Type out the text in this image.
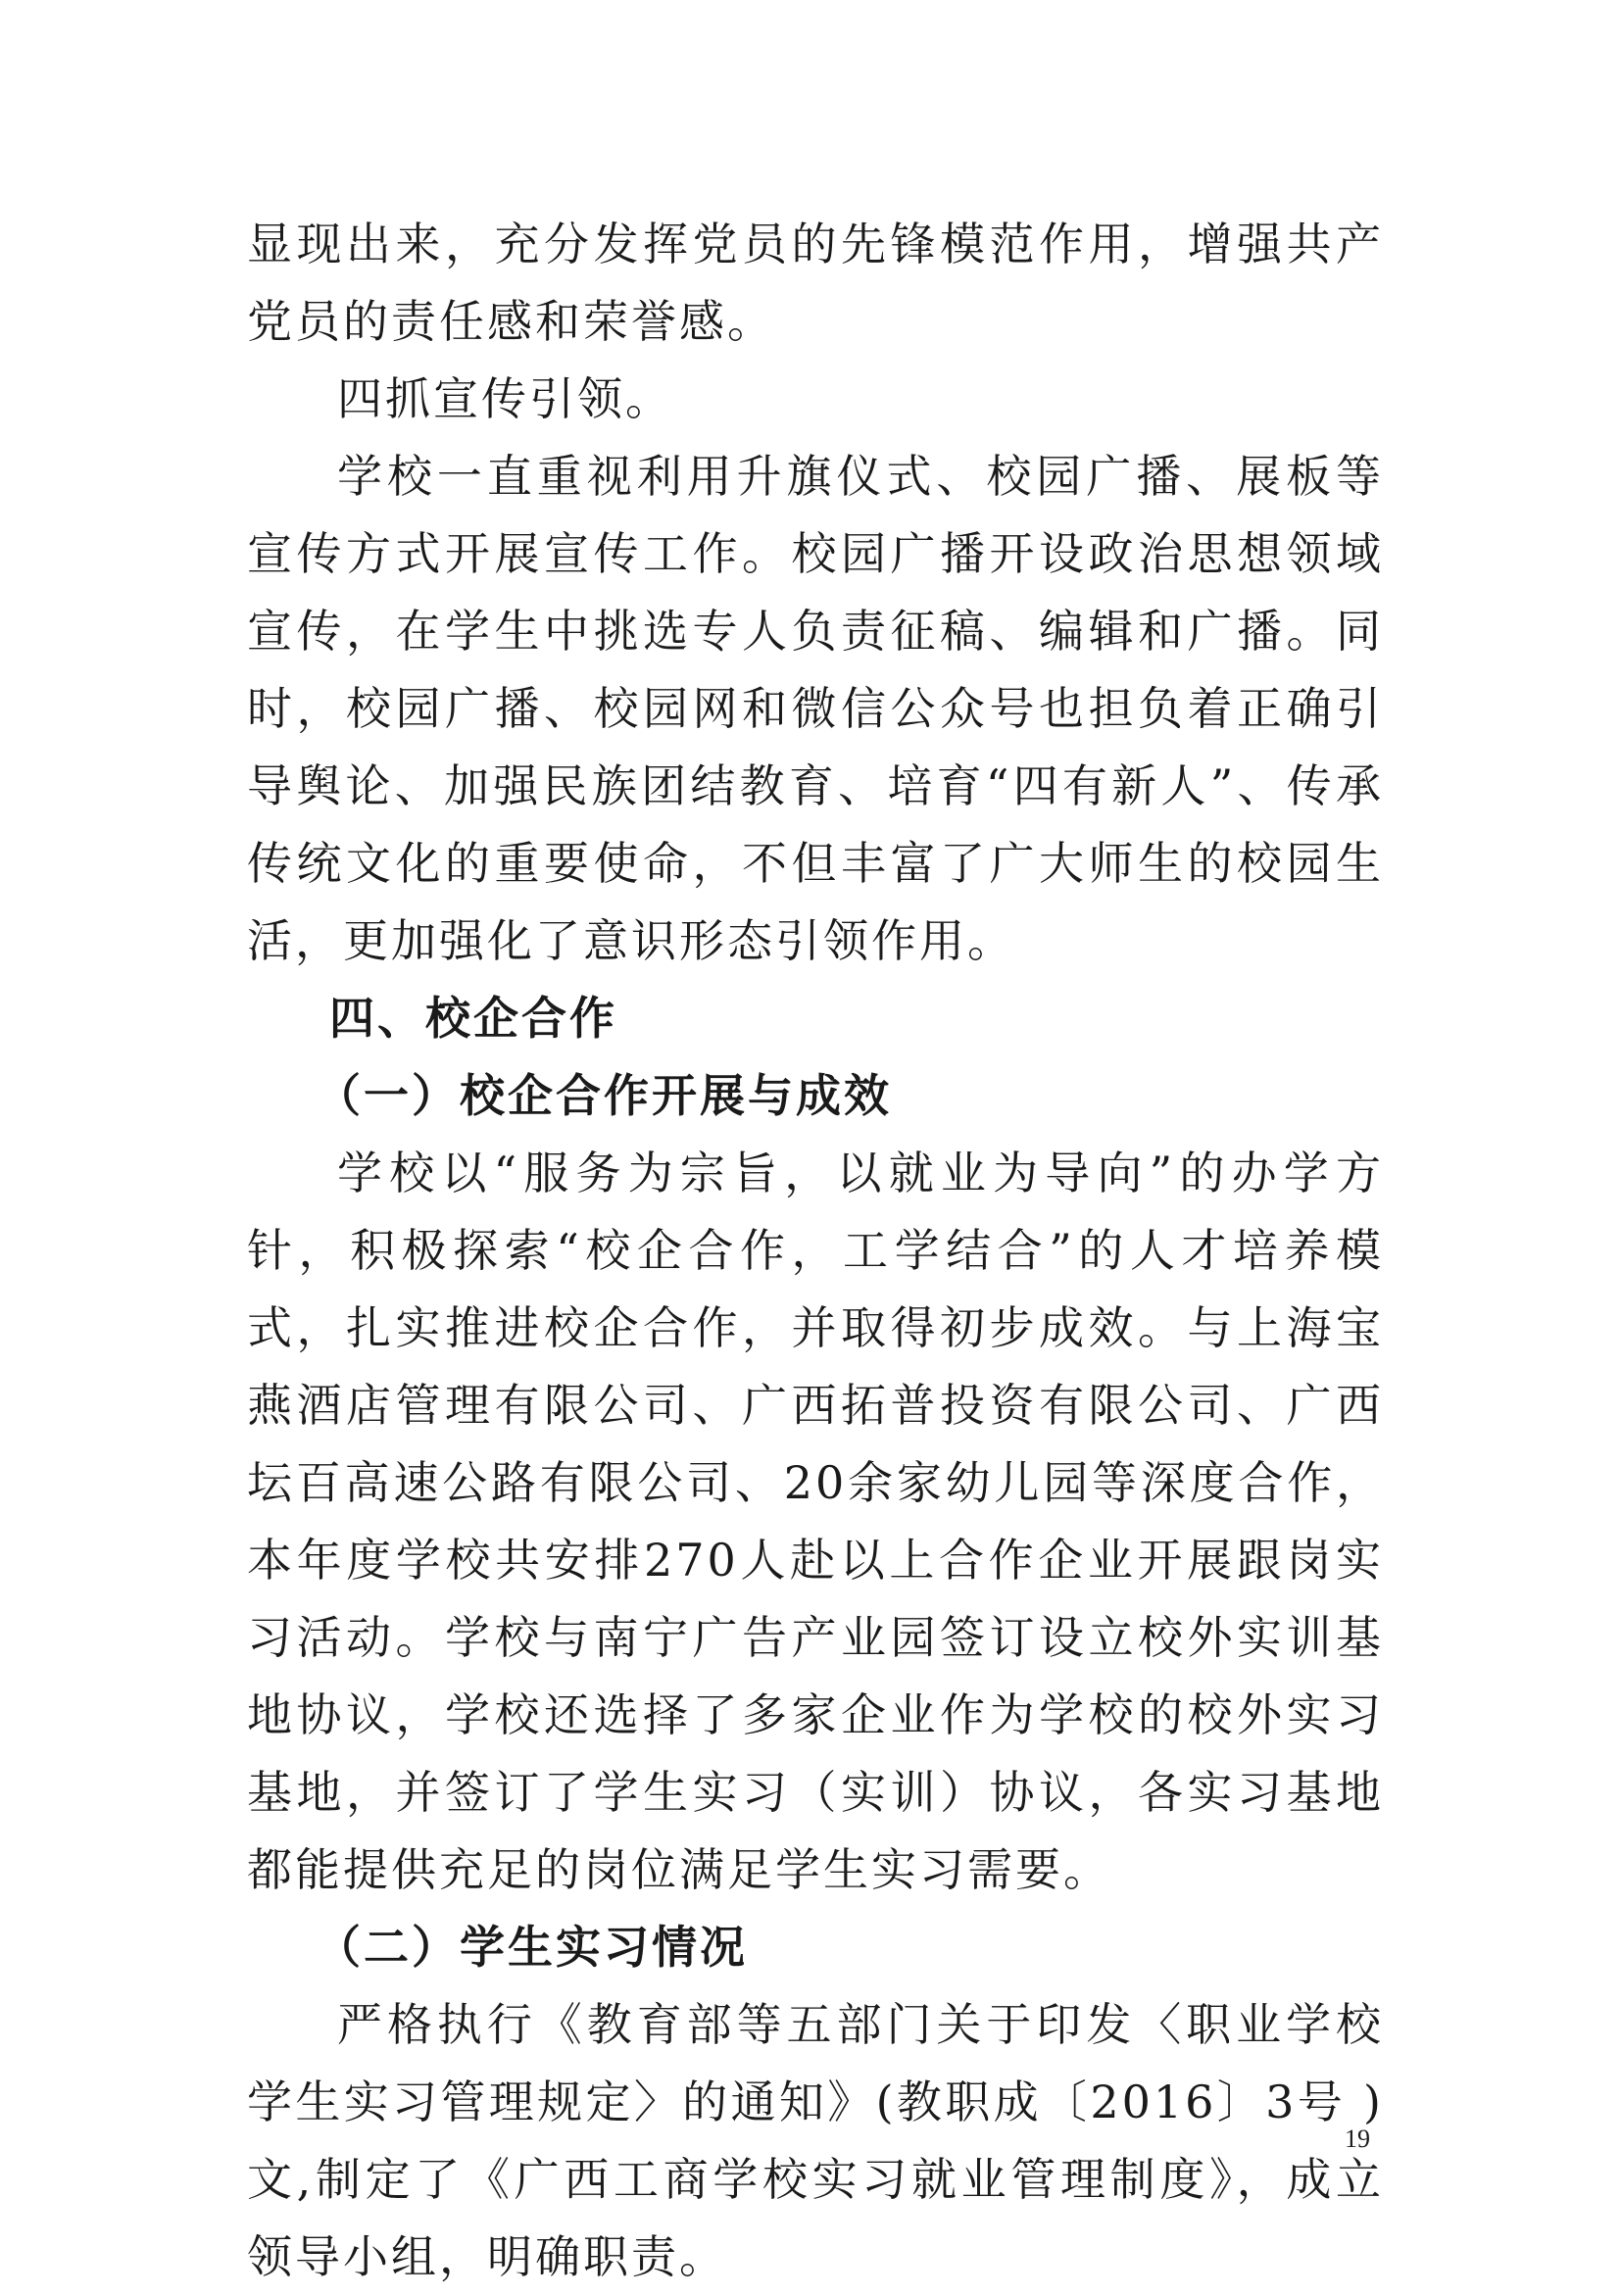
显现出来，充分发挥党员的先锋模范作用，增强共产党员的责任感和荣誉感。

四抓宣传引领。

学校一直重视利用升旗仪式、校园广播、展板等宣传方式开展宣传工作。校园广播开设政治思想领域宣传，在学生中挑选专人负责征稿、编辑和广播。同时，校园广播、校园网和微信公众号也担负着正确引导舆论、加强民族团结教育、培育“四有新人”、传承传统文化的重要使命，不但丰富了广大师生的校园生活，更加强化了意识形态引领作用。

四、校企合作
（一）校企合作开展与成效

学校以“服务为宗旨，以就业为导向”的办学方针，积极探索“校企合作，工学结合”的人才培养模式，扎实推进校企合作，并取得初步成效。与上海宝燕酒店管理有限公司、广西拓普投资有限公司、广西坛百高速公路有限公司、20余家幼儿园等深度合作，本年度学校共安排270人赴以上合作企业开展跟岗实习活动。学校与南宁广告产业园签订设立校外实训基地协议，学校还选择了多家企业作为学校的校外实习基地，并签订了学生实习（实训）协议，各实习基地都能提供充足的岗位满足学生实习需要。

（二）学生实习情况

严格执行《教育部等五部门关于印发〈职业学校学生实习管理规定〉的通知》(教职成〔2016〕3号 )文,制定了《广西工商学校实习就业管理制度》，成立领导小组，明确职责。

19
